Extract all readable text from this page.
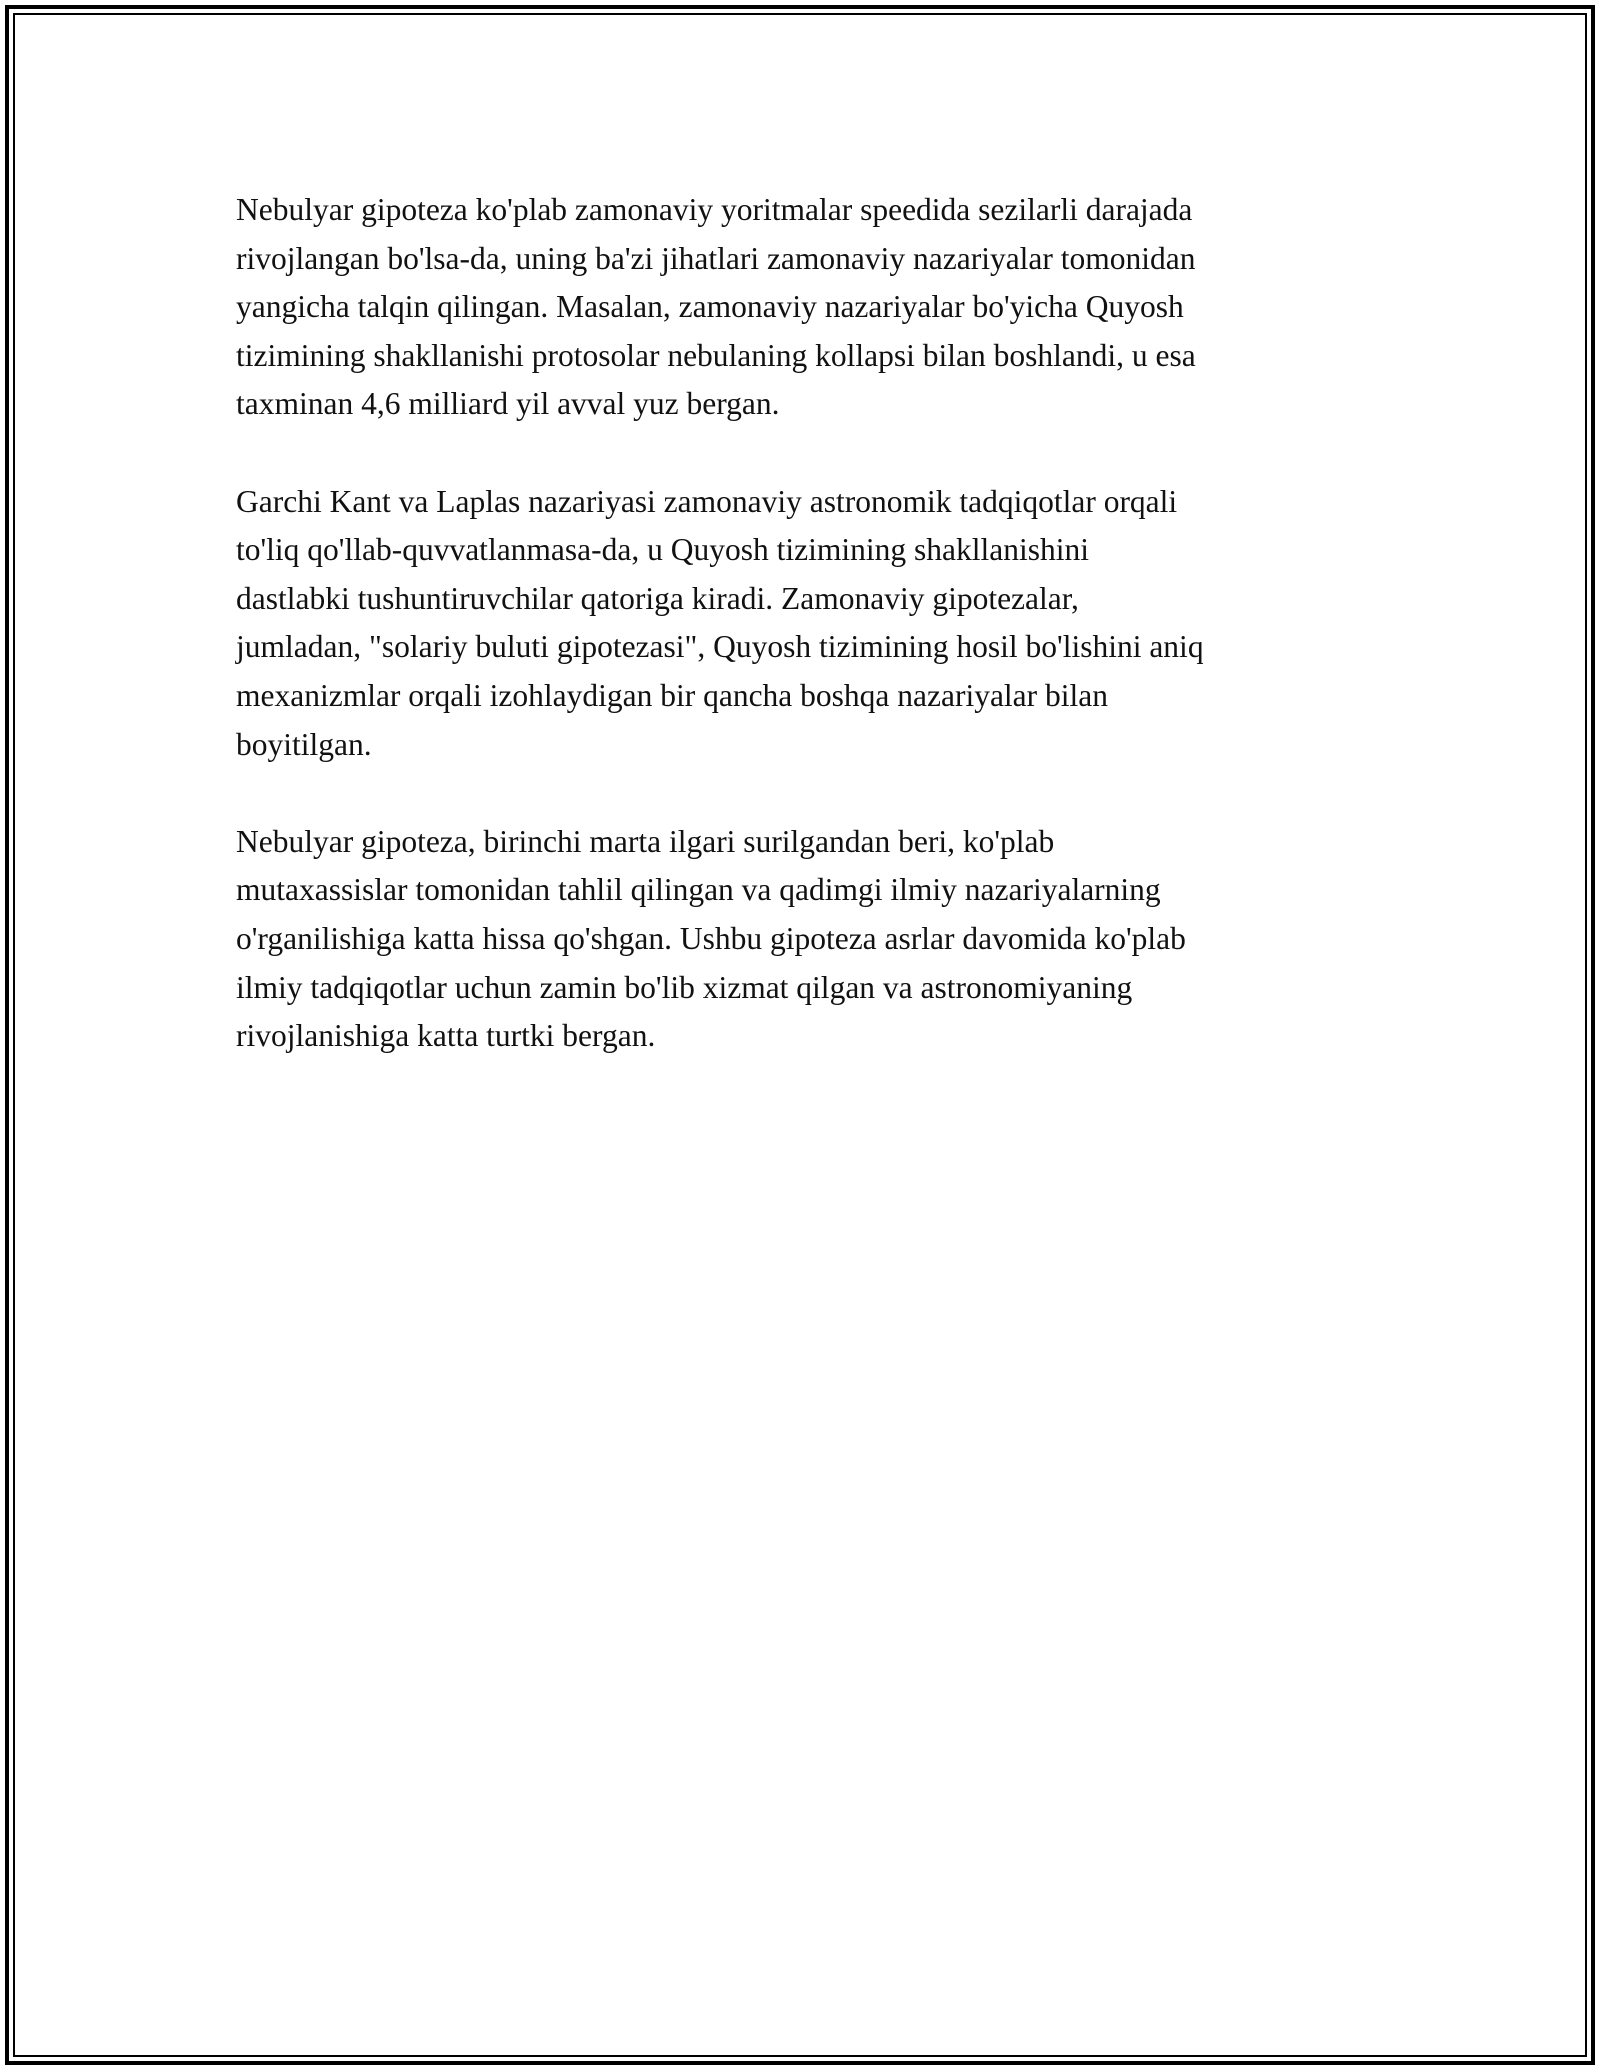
Nebulyar gipoteza ko'plab zamonaviy yoritmalar speedida sezilarli darajada
rivojlangan bo'lsa-da, uning ba'zi jihatlari zamonaviy nazariyalar tomonidan
yangicha talqin qilingan. Masalan, zamonaviy nazariyalar bo'yicha Quyosh
tizimining shakllanishi protosolar nebulaning kollapsi bilan boshlandi, u esa
taxminan 4,6 milliard yil avval yuz bergan.

Garchi Kant va Laplas nazariyasi zamonaviy astronomik tadqiqotlar orqali
to'liq qo'llab-quvvatlanmasa-da, u Quyosh tizimining shakllanishini
dastlabki tushuntiruvchilar qatoriga kiradi. Zamonaviy gipotezalar,
jumladan, "solariy buluti gipotezasi", Quyosh tizimining hosil bo'lishini aniq
mexanizmlar orqali izohlaydigan bir qancha boshqa nazariyalar bilan
boyitilgan.

Nebulyar gipoteza, birinchi marta ilgari surilgandan beri, ko'plab
mutaxassislar tomonidan tahlil qilingan va qadimgi ilmiy nazariyalarning
o'rganilishiga katta hissa qo'shgan. Ushbu gipoteza asrlar davomida ko'plab
ilmiy tadqiqotlar uchun zamin bo'lib xizmat qilgan va astronomiyaning
rivojlanishiga katta turtki bergan.
